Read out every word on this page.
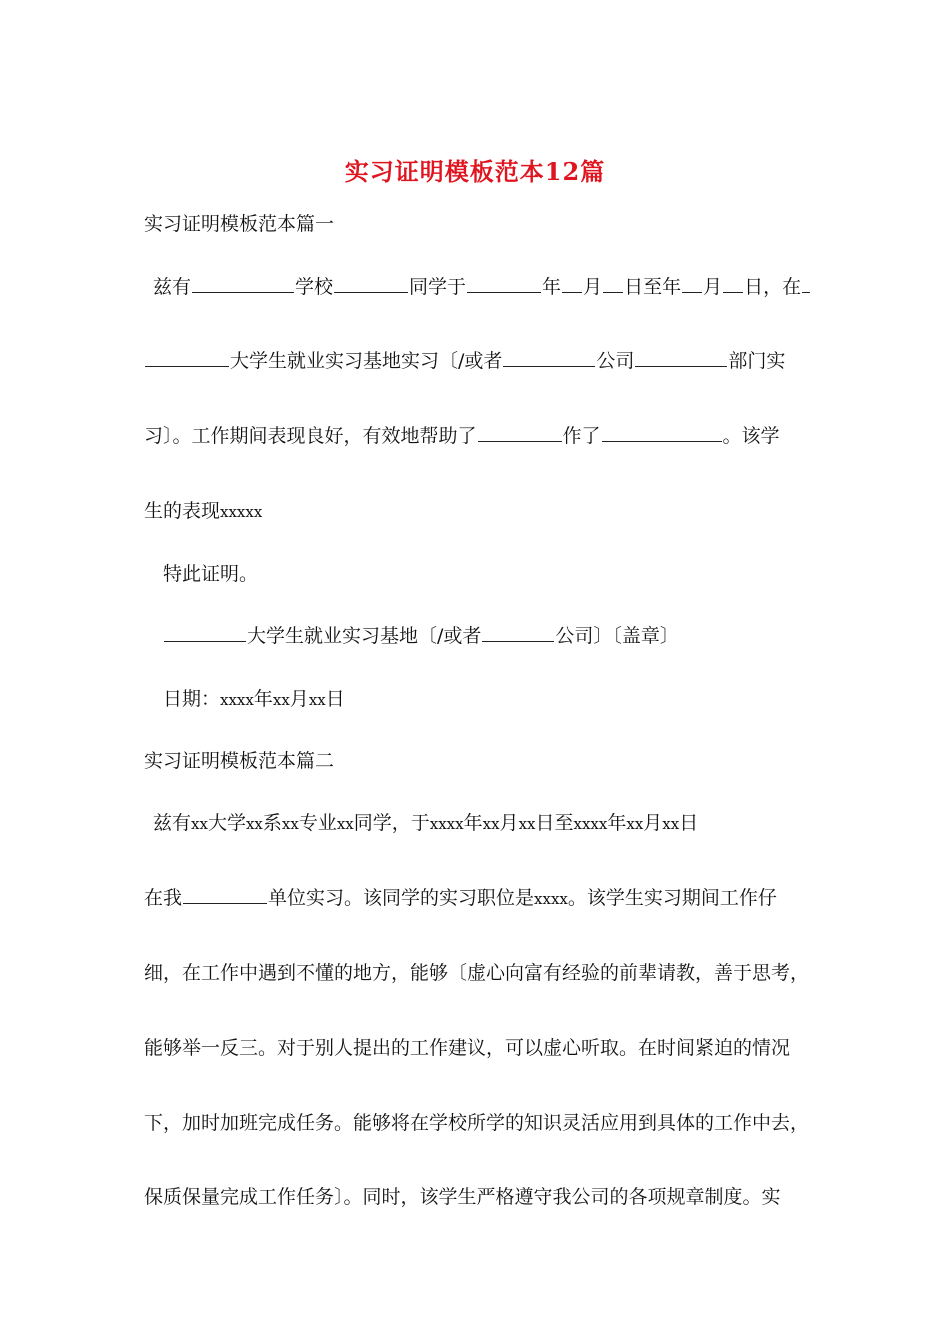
实习证明模板范本12篇
实习证明模板范本篇一
兹有	学校	同学于	年 月 日至年 月 日，在
大学生就业实习基地实习〔/或者	公司	部门实
习〕。工作期间表现良好，有效地帮助了	作了	。该学
生的表现xxxxx
特此证明。
大学生就业实习基地〔/或者	公司〕〔盖章〕
日期：xxxx年xx月xx日
实习证明模板范本篇二
兹有xx大学xx系xx专业xx同学，于xxxx年xx月xx日至xxxx年xx月xx日
在我	单位实习。该同学的实习职位是xxxx。该学生实习期间工作仔
细，在工作中遇到不懂的地方，能够〔虚心向富有经验的前辈请教，善于思考，
能够举一反三。对于别人提出的工作建议，可以虚心听取。在时间紧迫的情况
下，加时加班完成任务。能够将在学校所学的知识灵活应用到具体的工作中去，
保质保量完成工作任务〕。同时，该学生严格遵守我公司的各项规章制度。实
